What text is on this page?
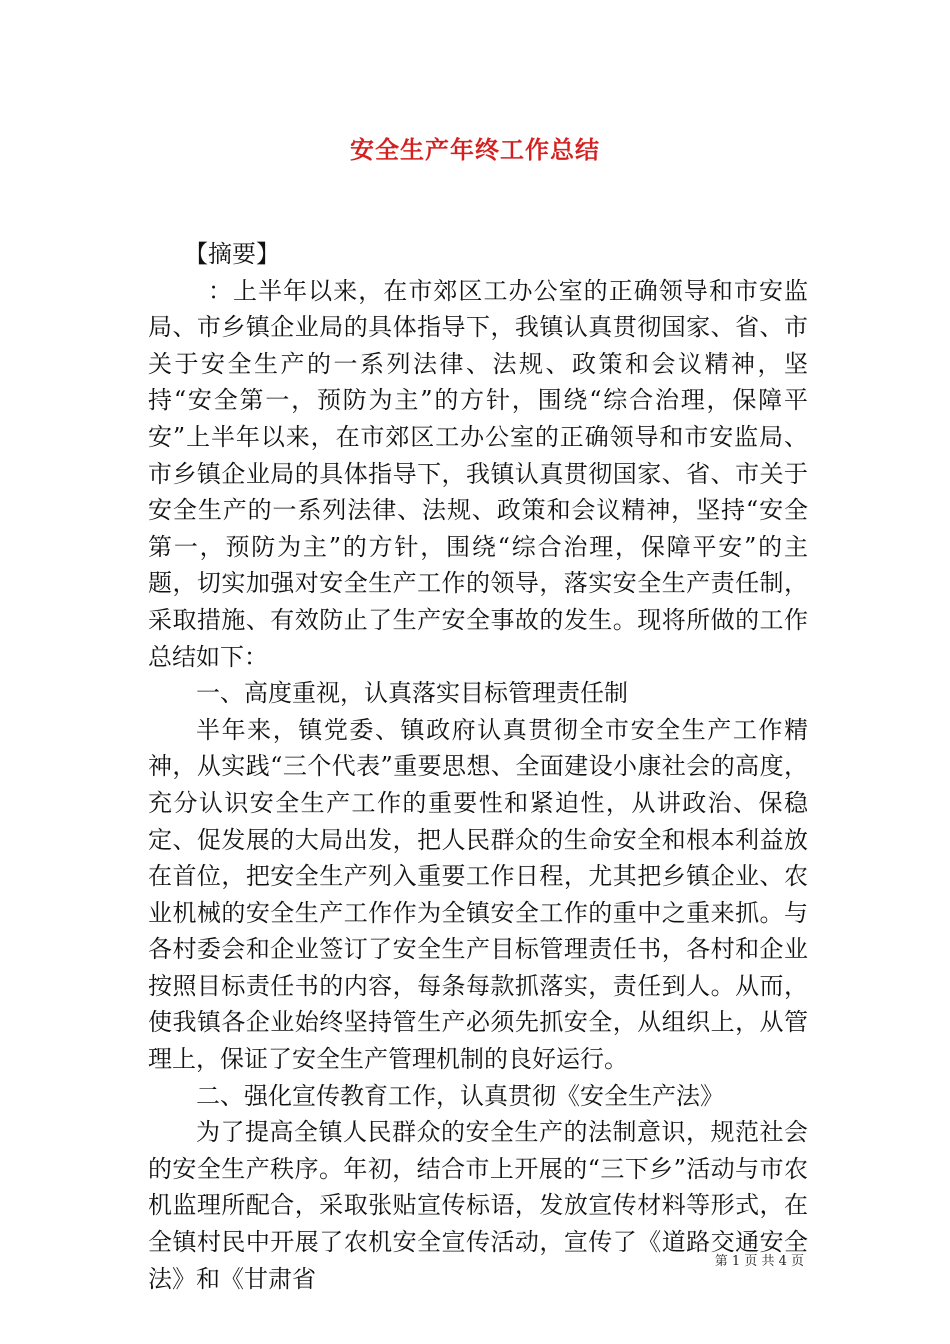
安全生产年终工作总结

【摘要】

：上半年以来，在市郊区工办公室的正确领导和市安监局、市乡镇企业局的具体指导下，我镇认真贯彻国家、省、市关于安全生产的一系列法律、法规、政策和会议精神，坚持“安全第一，预防为主”的方针，围绕“综合治理，保障平安”上半年以来，在市郊区工办公室的正确领导和市安监局、市乡镇企业局的具体指导下，我镇认真贯彻国家、省、市关于安全生产的一系列法律、法规、政策和会议精神，坚持“安全第一，预防为主”的方针，围绕“综合治理，保障平安”的主题，切实加强对安全生产工作的领导，落实安全生产责任制，采取措施、有效防止了生产安全事故的发生。现将所做的工作总结如下：

一、高度重视，认真落实目标管理责任制

半年来，镇党委、镇政府认真贯彻全市安全生产工作精神，从实践“三个代表”重要思想、全面建设小康社会的高度，充分认识安全生产工作的重要性和紧迫性，从讲政治、保稳定、促发展的大局出发，把人民群众的生命安全和根本利益放在首位，把安全生产列入重要工作日程，尤其把乡镇企业、农业机械的安全生产工作作为全镇安全工作的重中之重来抓。与各村委会和企业签订了安全生产目标管理责任书，各村和企业按照目标责任书的内容，每条每款抓落实，责任到人。从而，使我镇各企业始终坚持管生产必须先抓安全，从组织上，从管理上，保证了安全生产管理机制的良好运行。

二、强化宣传教育工作，认真贯彻《安全生产法》

为了提高全镇人民群众的安全生产的法制意识，规范社会的安全生产秩序。年初，结合市上开展的“三下乡”活动与市农机监理所配合，采取张贴宣传标语，发放宣传材料等形式，在全镇村民中开展了农机安全宣传活动，宣传了《道路交通安全法》和《甘肃省

第 1 页 共 4 页
